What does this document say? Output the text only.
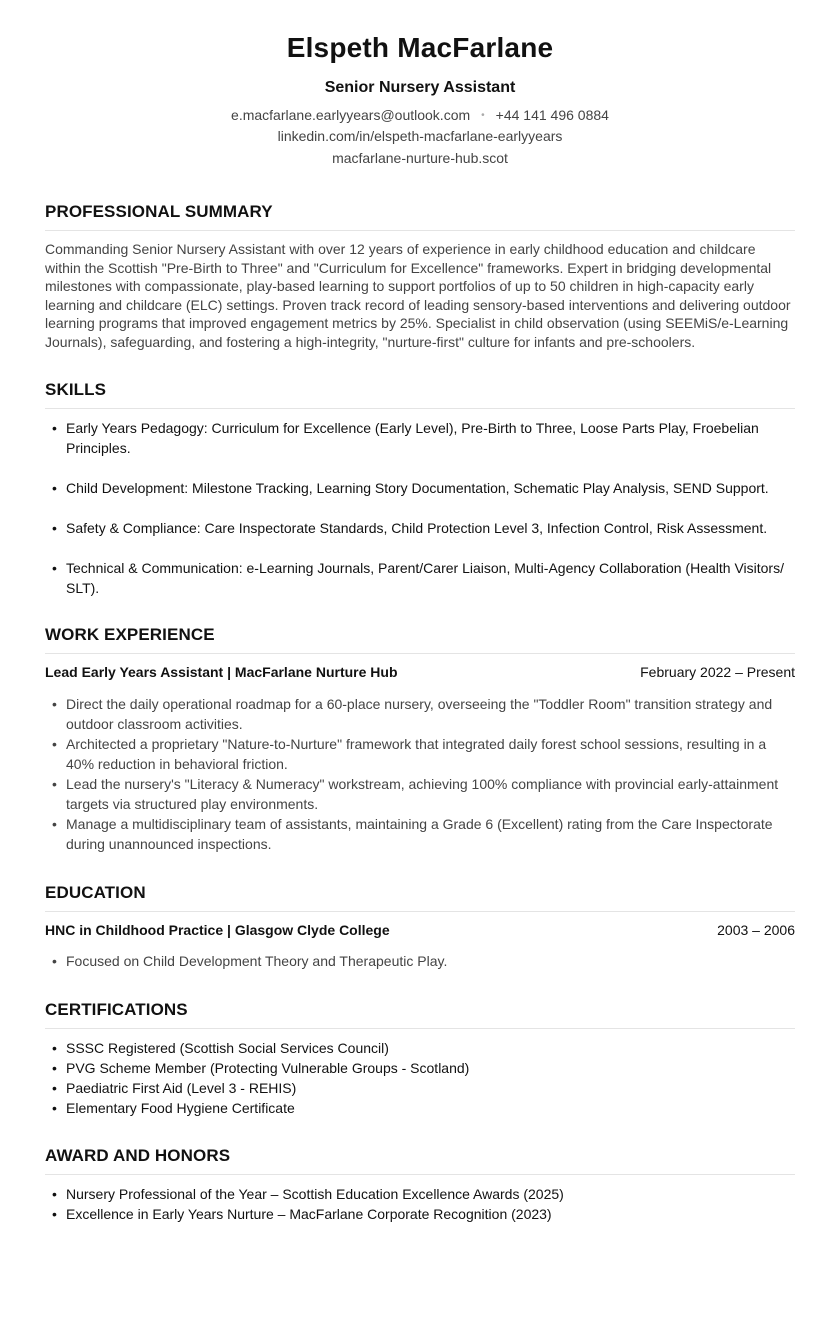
Elspeth MacFarlane
Senior Nursery Assistant
e.macfarlane.earlyyears@outlook.com • +44 141 496 0884
linkedin.com/in/elspeth-macfarlane-earlyyears
macfarlane-nurture-hub.scot
PROFESSIONAL SUMMARY

Commanding Senior Nursery Assistant with over 12 years of experience in early childhood education and childcare within the Scottish "Pre-Birth to Three" and "Curriculum for Excellence" frameworks. Expert in bridging developmental milestones with compassionate, play-based learning to support portfolios of up to 50 children in high-capacity early learning and childcare (ELC) settings. Proven track record of leading sensory-based interventions and delivering outdoor learning programs that improved engagement metrics by 25%. Specialist in child observation (using SEEMiS/e-Learning Journals), safeguarding, and fostering a high-integrity, "nurture-first" culture for infants and pre-schoolers.

SKILLS
• Early Years Pedagogy: Curriculum for Excellence (Early Level), Pre-Birth to Three, Loose Parts Play, Froebelian Principles.
• Child Development: Milestone Tracking, Learning Story Documentation, Schematic Play Analysis, SEND Support.
• Safety & Compliance: Care Inspectorate Standards, Child Protection Level 3, Infection Control, Risk Assessment.
• Technical & Communication: e-Learning Journals, Parent/Carer Liaison, Multi-Agency Collaboration (Health Visitors/ SLT).
WORK EXPERIENCE
Lead Early Years Assistant | MacFarlane Nurture Hub	February 2022 – Present
• Direct the daily operational roadmap for a 60-place nursery, overseeing the "Toddler Room" transition strategy and outdoor classroom activities.
• Architected a proprietary "Nature-to-Nurture" framework that integrated daily forest school sessions, resulting in a 40% reduction in behavioral friction.
• Lead the nursery's "Literacy & Numeracy" workstream, achieving 100% compliance with provincial early-attainment targets via structured play environments.
• Manage a multidisciplinary team of assistants, maintaining a Grade 6 (Excellent) rating from the Care Inspectorate during unannounced inspections.
EDUCATION
HNC in Childhood Practice | Glasgow Clyde College	2003 – 2006
• Focused on Child Development Theory and Therapeutic Play.
CERTIFICATIONS
• SSSC Registered (Scottish Social Services Council)
• PVG Scheme Member (Protecting Vulnerable Groups - Scotland)
• Paediatric First Aid (Level 3 - REHIS)
• Elementary Food Hygiene Certificate
AWARD AND HONORS
• Nursery Professional of the Year – Scottish Education Excellence Awards (2025)
• Excellence in Early Years Nurture – MacFarlane Corporate Recognition (2023)
